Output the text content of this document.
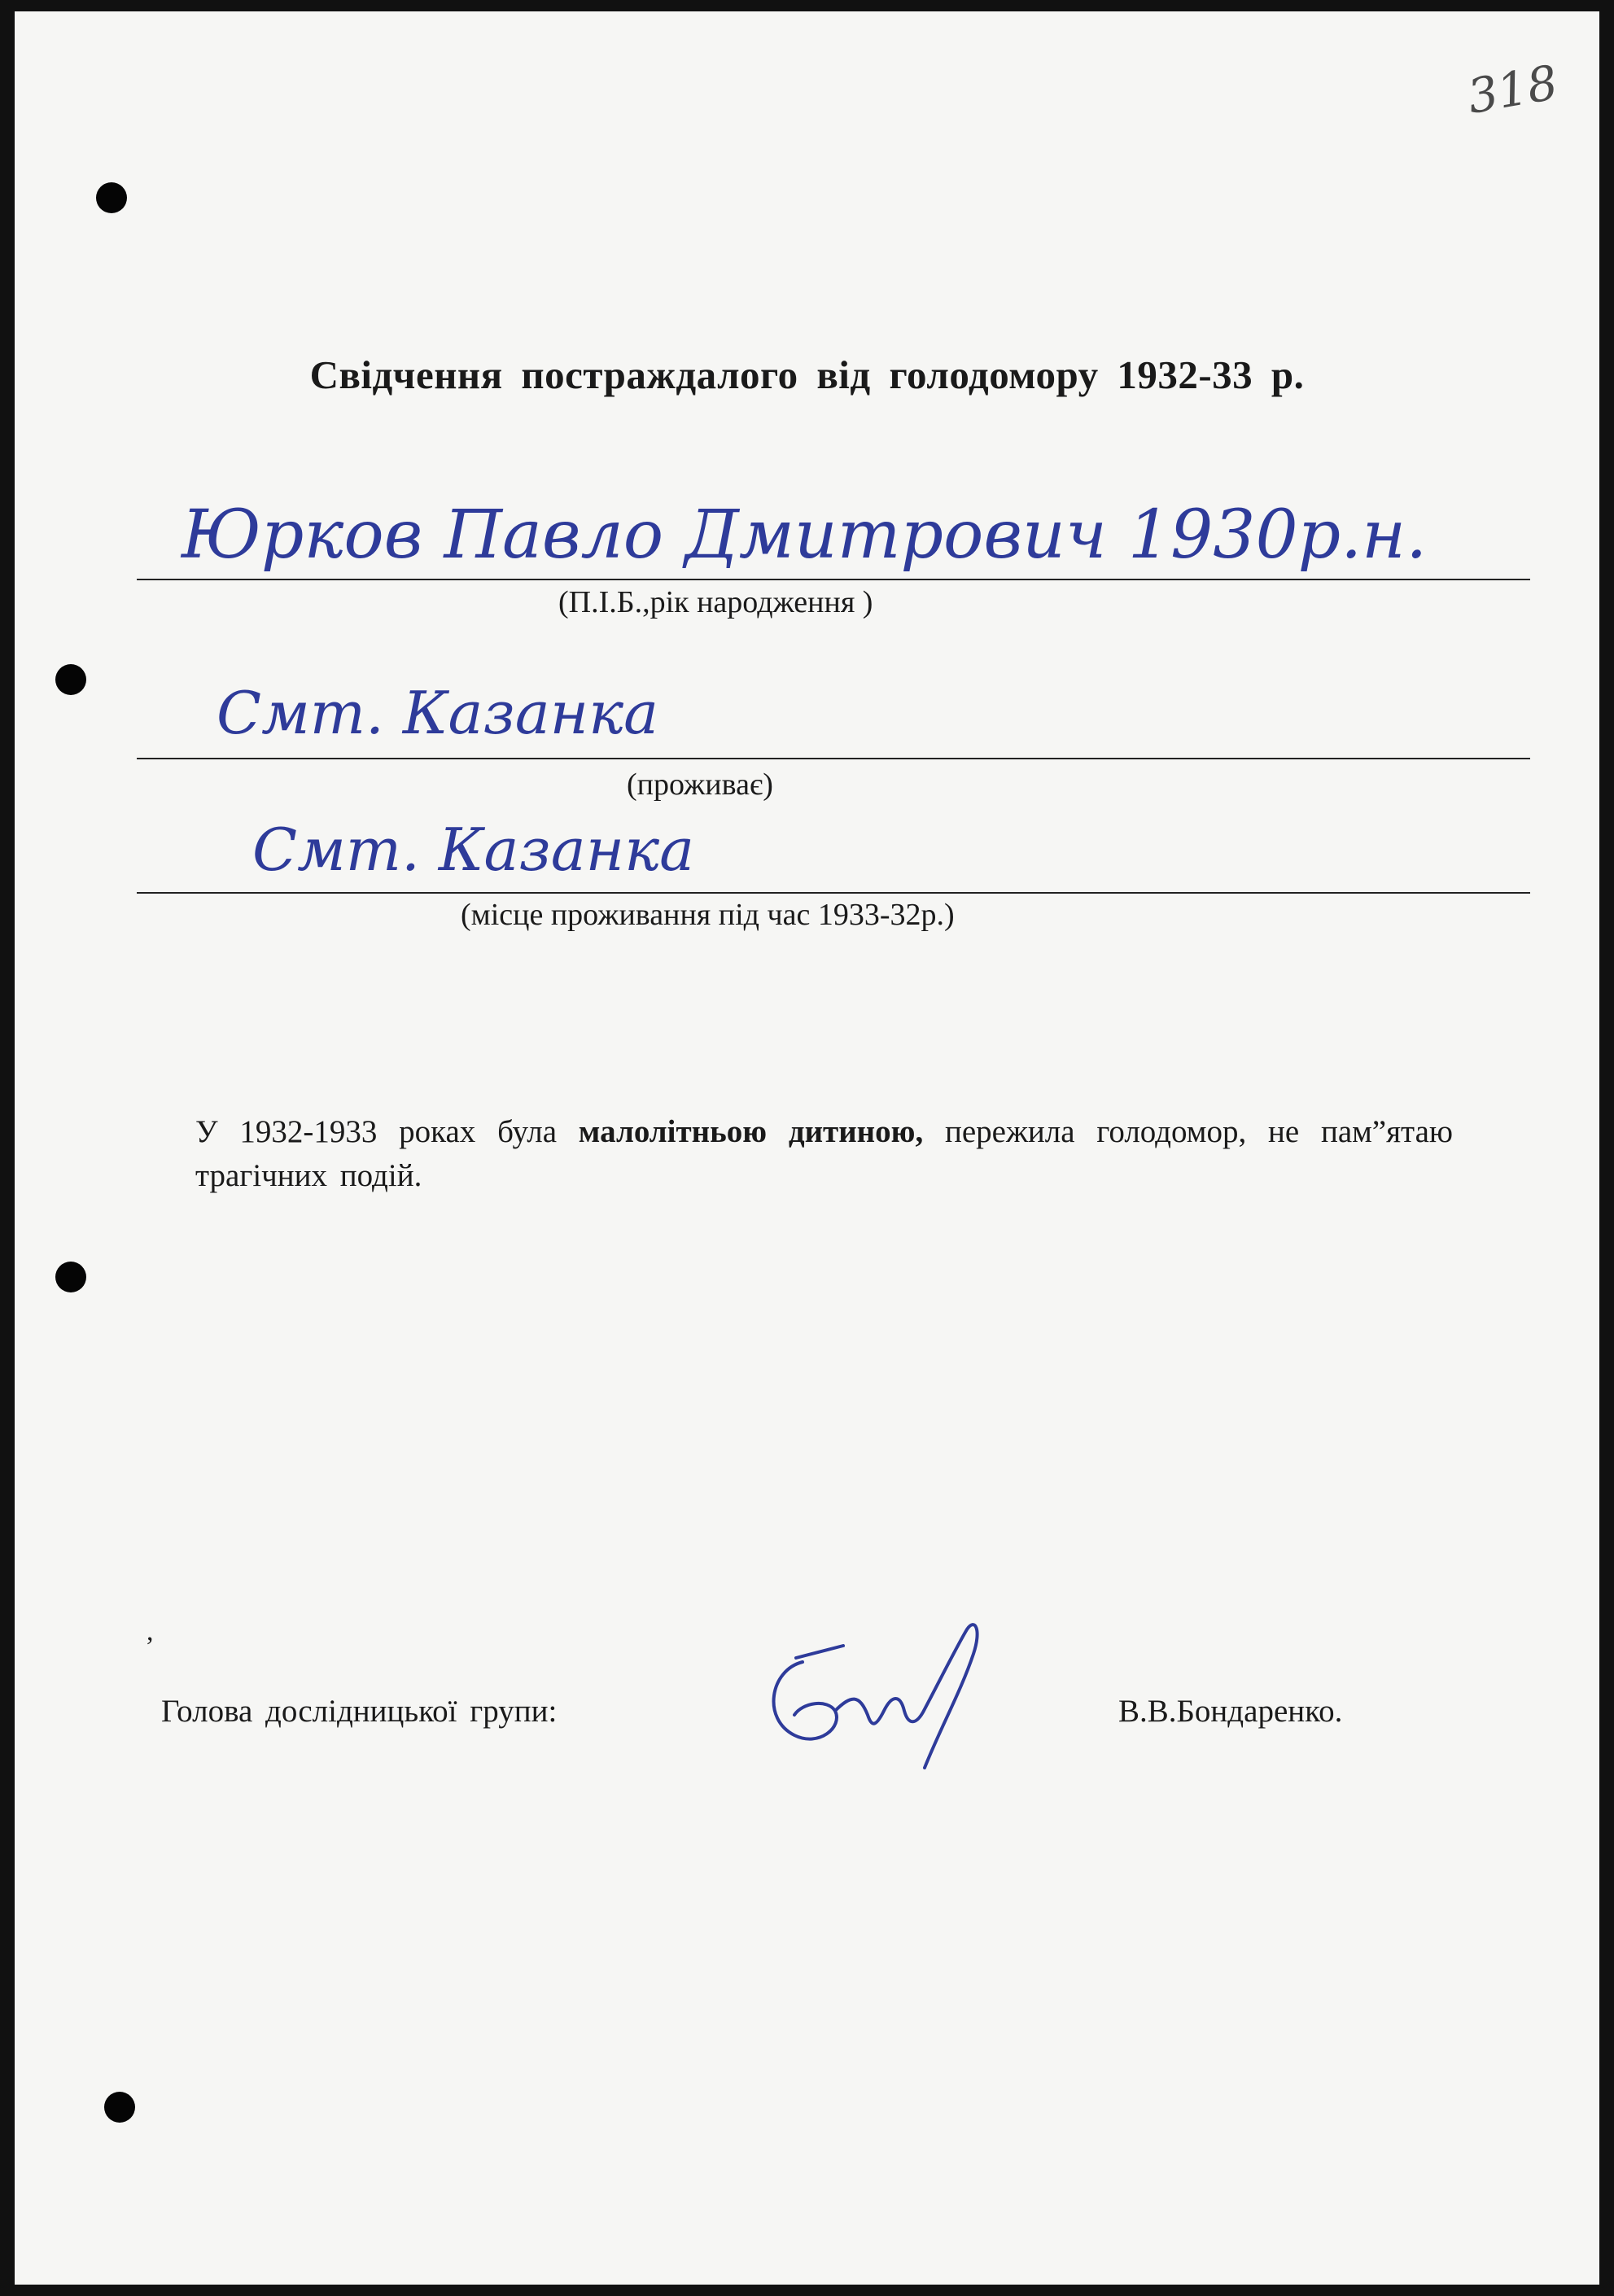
318
Свідчення постраждалого від голодомору 1932-33 р.
Юрков Павло Дмитрович 1930р.н.
(П.І.Б.,рік народження )
Смт. Казанка
(проживає)
Смт. Казанка
(місце проживання під час 1933-32р.)
У 1932-1933 роках була малолітньою дитиною, пережила голодомор, не пам”ятаю трагічних подій.
,
Голова дослідницької групи:	В.В.Бондаренко.
